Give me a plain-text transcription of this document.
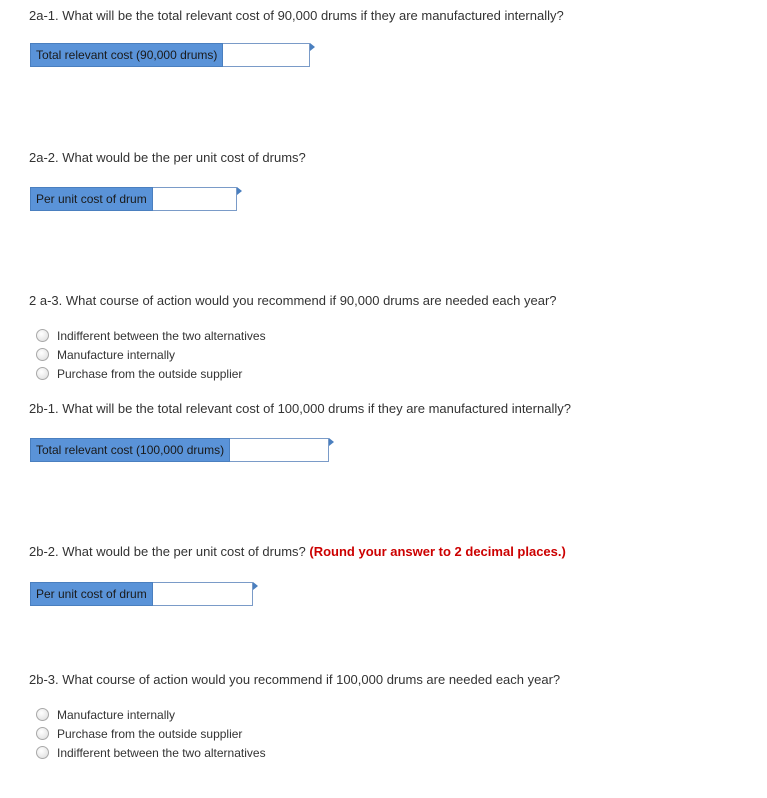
2a-1. What will be the total relevant cost of 90,000 drums if they are manufactured internally?
Total relevant cost (90,000 drums)
2a-2. What would be the per unit cost of drums?
Per unit cost of drum
2 a-3. What course of action would you recommend if 90,000 drums are needed each year?
Indifferent between the two alternatives
Manufacture internally
Purchase from the outside supplier
2b-1. What will be the total relevant cost of 100,000 drums if they are manufactured internally?
Total relevant cost (100,000 drums)
2b-2. What would be the per unit cost of drums? (Round your answer to 2 decimal places.)
Per unit cost of drum
2b-3. What course of action would you recommend if 100,000 drums are needed each year?
Manufacture internally
Purchase from the outside supplier
Indifferent between the two alternatives
